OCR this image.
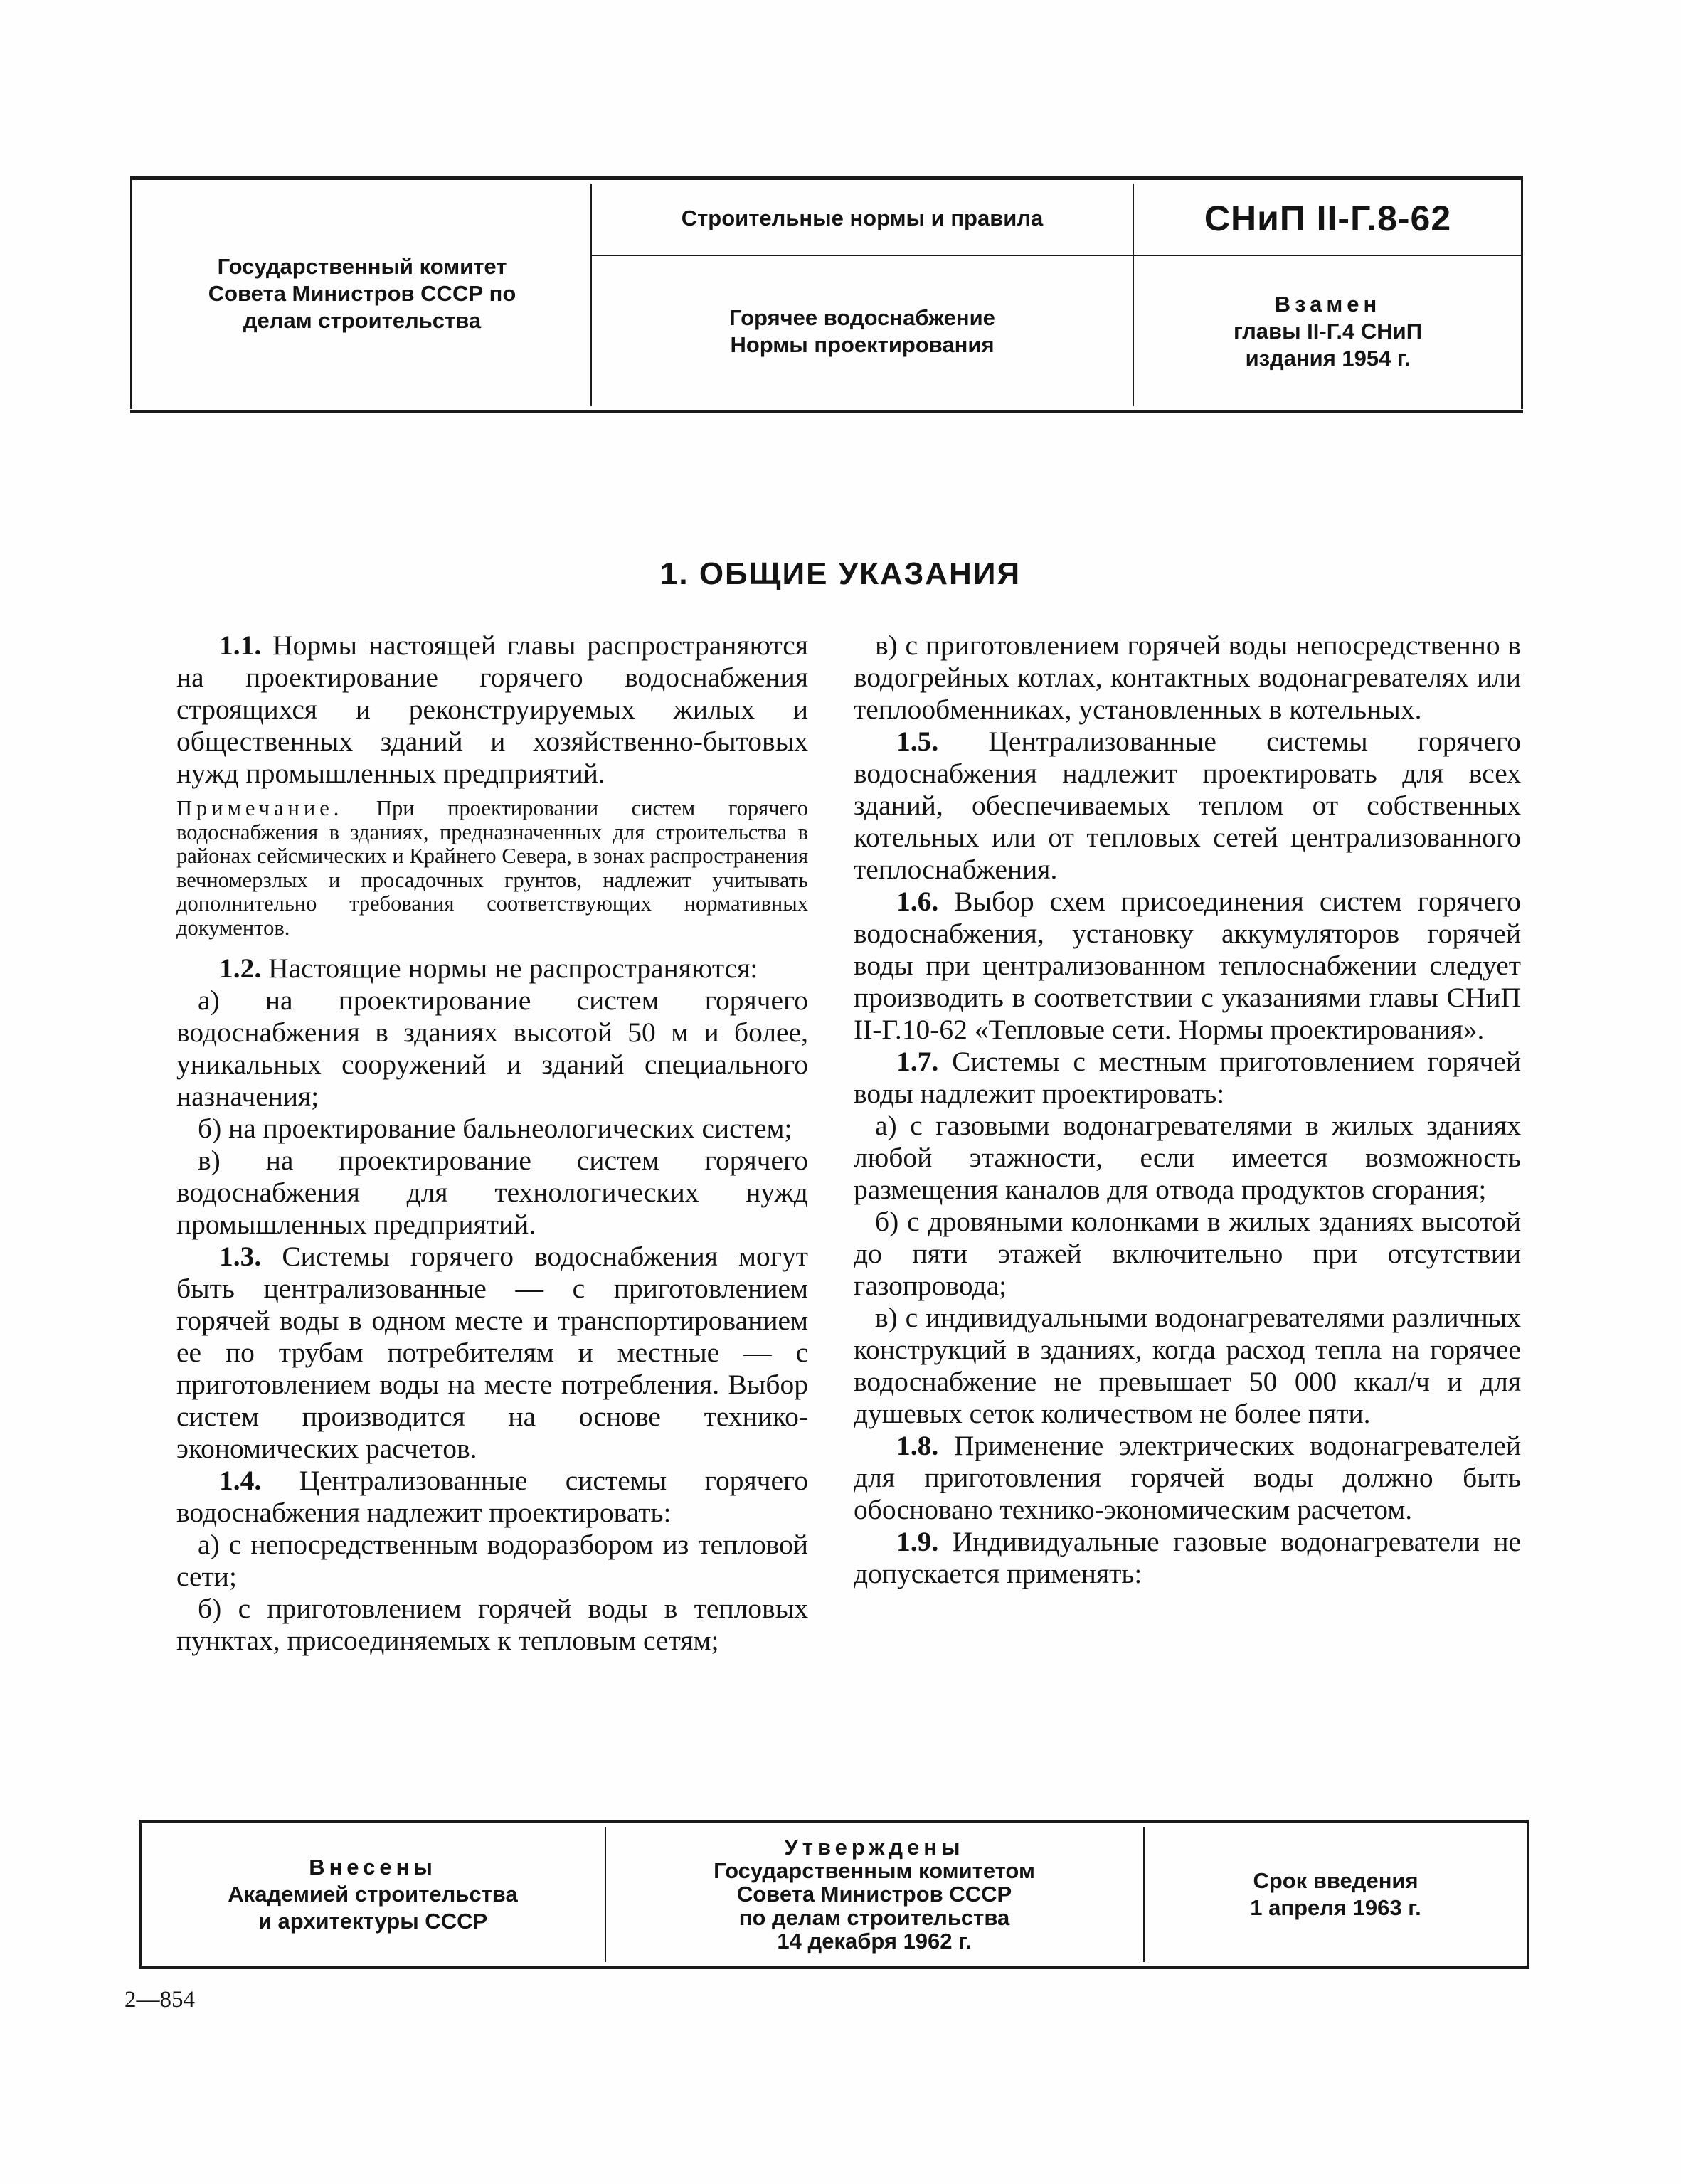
Государственный комитет Совета Министров СССР по делам строительства
Строительные нормы и правила	СНиП II-Г.8-62
Горячее водоснабжение
Нормы проектирования
Взамен
главы II-Г.4 СНиП
издания 1954 г.
1. ОБЩИЕ УКАЗАНИЯ

1.1. Нормы настоящей главы распространяются на проектирование горячего водоснабжения строящихся и реконструируемых жилых и общественных зданий и хозяйственно-бытовых нужд промышленных предприятий.

Примечание. При проектировании систем горячего водоснабжения в зданиях, предназначенных для строительства в районах сейсмических и Крайнего Севера, в зонах распространения вечномерзлых и просадочных грунтов, надлежит учитывать дополнительно требования соответствующих нормативных документов.

1.2. Настоящие нормы не распространяются:

а) на проектирование систем горячего водоснабжения в зданиях высотой 50 м и более, уникальных сооружений и зданий специального назначения;

б) на проектирование бальнеологических систем;

в) на проектирование систем горячего водоснабжения для технологических нужд промышленных предприятий.

1.3. Системы горячего водоснабжения могут быть централизованные — с приготовлением горячей воды в одном месте и транспортированием ее по трубам потребителям и местные — с приготовлением воды на месте потребления. Выбор систем производится на основе технико-экономических расчетов.

1.4. Централизованные системы горячего водоснабжения надлежит проектировать:

а) с непосредственным водоразбором из тепловой сети;

б) с приготовлением горячей воды в тепловых пунктах, присоединяемых к тепловым сетям;

в) с приготовлением горячей воды непосредственно в водогрейных котлах, контактных водонагревателях или теплообменниках, установленных в котельных.

1.5. Централизованные системы горячего водоснабжения надлежит проектировать для всех зданий, обеспечиваемых теплом от собственных котельных или от тепловых сетей централизованного теплоснабжения.

1.6. Выбор схем присоединения систем горячего водоснабжения, установку аккумуляторов горячей воды при централизованном теплоснабжении следует производить в соответствии с указаниями главы СНиП II-Г.10-62 «Тепловые сети. Нормы проектирования».

1.7. Системы с местным приготовлением горячей воды надлежит проектировать:

а) с газовыми водонагревателями в жилых зданиях любой этажности, если имеется возможность размещения каналов для отвода продуктов сгорания;

б) с дровяными колонками в жилых зданиях высотой до пяти этажей включительно при отсутствии газопровода;

в) с индивидуальными водонагревателями различных конструкций в зданиях, когда расход тепла на горячее водоснабжение не превышает 50 000 ккал/ч и для душевых сеток количеством не более пяти.

1.8. Применение электрических водонагревателей для приготовления горячей воды должно быть обосновано технико-экономическим расчетом.

1.9. Индивидуальные газовые водонагреватели не допускается применять:

Внесены
Академией строительства
и архитектуры СССР
Утверждены
Государственным комитетом
Совета Министров СССР
по делам строительства
14 декабря 1962 г.
Срок введения
1 апреля 1963 г.
2—854
